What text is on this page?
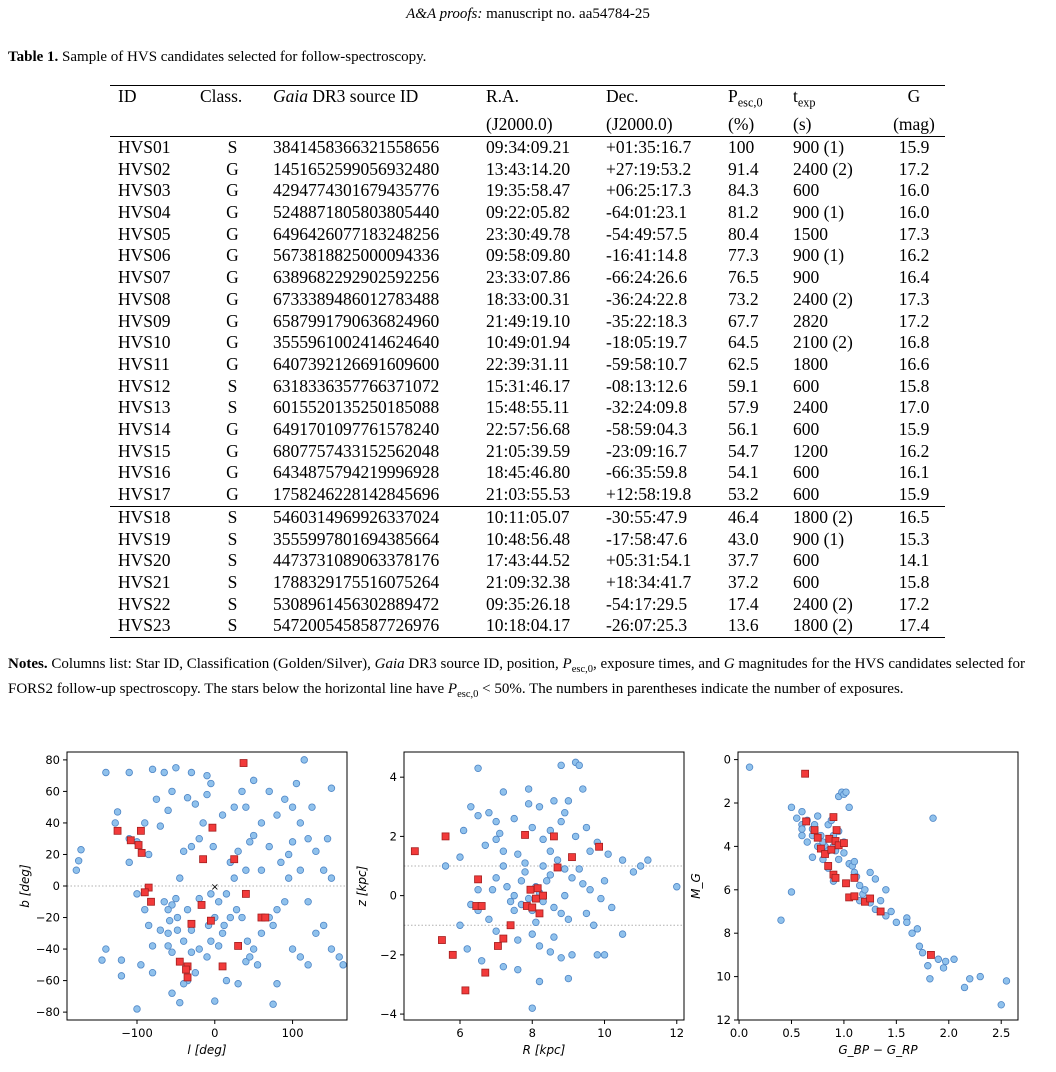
A&A proofs: manuscript no. aa54784-25
Table 1. Sample of HVS candidates selected for follow-spectroscopy.
ID	Class.	Gaia DR3 source ID	R.A.	Dec.	$P_{esc,0}$	$t_{exp}$	G
			(J2000.0)	(J2000.0)	(%)	(s)	(mag)
HVS01	S	3841458366321558656	09:34:09.21	+01:35:16.7	100	900 (1)	15.9
HVS02	G	1451652599056932480	13:43:14.20	+27:19:53.2	91.4	2400 (2)	17.2
HVS03	G	4294774301679435776	19:35:58.47	+06:25:17.3	84.3	600	16.0
HVS04	G	5248871805803805440	09:22:05.82	-64:01:23.1	81.2	900 (1)	16.0
HVS05	G	6496426077183248256	23:30:49.78	-54:49:57.5	80.4	1500	17.3
HVS06	G	5673818825000094336	09:58:09.80	-16:41:14.8	77.3	900 (1)	16.2
HVS07	G	6389682292902592256	23:33:07.86	-66:24:26.6	76.5	900	16.4
HVS08	G	6733389486012783488	18:33:00.31	-36:24:22.8	73.2	2400 (2)	17.3
HVS09	G	6587991790636824960	21:49:19.10	-35:22:18.3	67.7	2820	17.2
HVS10	G	3555961002414624640	10:49:01.94	-18:05:19.7	64.5	2100 (2)	16.8
HVS11	G	6407392126691609600	22:39:31.11	-59:58:10.7	62.5	1800	16.6
HVS12	S	6318336357766371072	15:31:46.17	-08:13:12.6	59.1	600	15.8
HVS13	S	6015520135250185088	15:48:55.11	-32:24:09.8	57.9	2400	17.0
HVS14	G	6491701097761578240	22:57:56.68	-58:59:04.3	56.1	600	15.9
HVS15	G	6807757433152562048	21:05:39.59	-23:09:16.7	54.7	1200	16.2
HVS16	G	6434875794219996928	18:45:46.80	-66:35:59.8	54.1	600	16.1
HVS17	G	1758246228142845696	21:03:55.53	+12:58:19.8	53.2	600	15.9
HVS18	S	5460314969926337024	10:11:05.07	-30:55:47.9	46.4	1800 (2)	16.5
HVS19	S	3555997801694385664	10:48:56.48	-17:58:47.6	43.0	900 (1)	15.3
HVS20	S	4473731089063378176	17:43:44.52	+05:31:54.1	37.7	600	14.1
HVS21	S	1788329175516075264	21:09:32.38	+18:34:41.7	37.2	600	15.8
HVS22	S	5308961456302889472	09:35:26.18	-54:17:29.5	17.4	2400 (2)	17.2
HVS23	S	5472005458587726976	10:18:04.17	-26:07:25.3	13.6	1800 (2)	17.4
Notes. Columns list: Star ID, Classification (Golden/Silver), Gaia DR3 source ID, position, $P_{esc,0}$, exposure times, and G magnitudes for the HVS candidates selected for FORS2 follow-up spectroscopy. The stars below the horizontal line have $P_{esc,0} < 50\%$. The numbers in parentheses indicate the number of exposures.
×
−100	0	100
−80
−60
−40
−20
0
20
40
60
80
l [deg]
b [deg]
6	8	10	12
−4
−2
0
2
4
R [kpc]
z [kpc]
0.0	0.5	1.0	1.5	2.0	2.5
0
2
4
6
8
10
12
G_BP − G_RP
M_G
